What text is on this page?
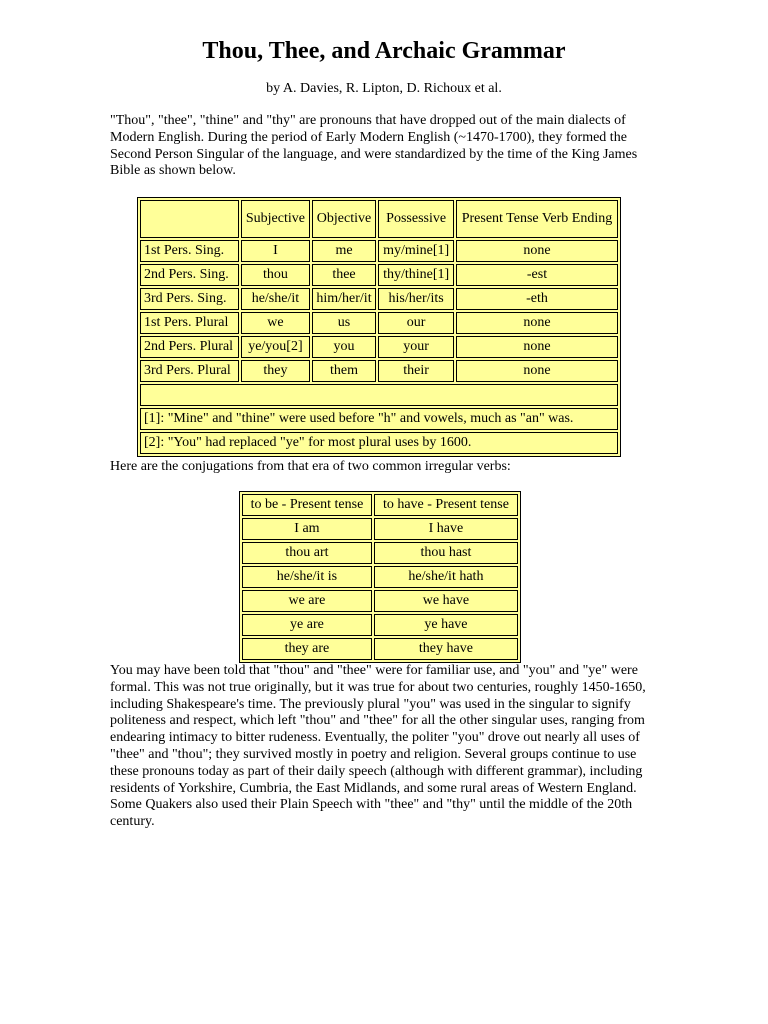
Thou, Thee, and Archaic Grammar
by A. Davies, R. Lipton, D. Richoux et al.

"Thou", "thee", "thine" and "thy" are pronouns that have dropped out of the main dialects of Modern English. During the period of Early Modern English (~1470-1700), they formed the Second Person Singular of the language, and were standardized by the time of the King James Bible as shown below.

	Subjective	Objective	Possessive	Present Tense Verb Ending
1st Pers. Sing.	I	me	my/mine[1]	none
2nd Pers. Sing.	thou	thee	thy/thine[1]	-est
3rd Pers. Sing.	he/she/it	him/her/it	his/her/its	-eth
1st Pers. Plural	we	us	our	none
2nd Pers. Plural	ye/you[2]	you	your	none
3rd Pers. Plural	they	them	their	none

[1]: "Mine" and "thine" were used before "h" and vowels, much as "an" was.				
[2]: "You" had replaced "ye" for most plural uses by 1600.				

Here are the conjugations from that era of two common irregular verbs:

to be - Present tense	to have - Present tense
I am	I have
thou art	thou hast
he/she/it is	he/she/it hath
we are	we have
ye are	ye have
they are	they have

You may have been told that "thou" and "thee" were for familiar use, and "you" and "ye" were formal. This was not true originally, but it was true for about two centuries, roughly 1450-1650, including Shakespeare's time. The previously plural "you" was used in the singular to signify politeness and respect, which left "thou" and "thee" for all the other singular uses, ranging from endearing intimacy to bitter rudeness. Eventually, the politer "you" drove out nearly all uses of "thee" and "thou"; they survived mostly in poetry and religion. Several groups continue to use these pronouns today as part of their daily speech (although with different grammar), including residents of Yorkshire, Cumbria, the East Midlands, and some rural areas of Western England. Some Quakers also used their Plain Speech with "thee" and "thy" until the middle of the 20th century.
